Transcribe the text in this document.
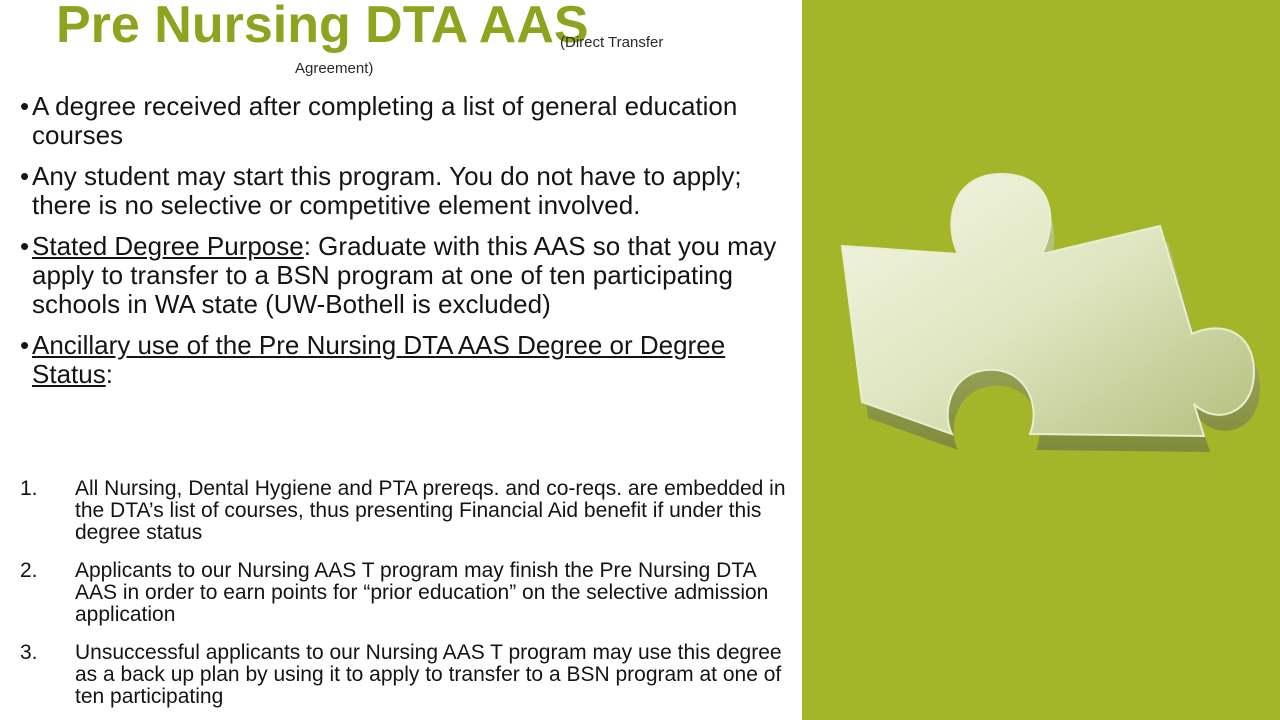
Pre Nursing DTA AAS
(Direct Transfer
Agreement)
• A degree received after completing a list of general education courses
• Any student may start this program. You do not have to apply; there is no selective or competitive element involved.
• Stated Degree Purpose: Graduate with this AAS so that you may apply to transfer to a BSN program at one of ten participating schools in WA state (UW-Bothell is excluded)
• Ancillary use of the Pre Nursing DTA AAS Degree or Degree Status:
1. All Nursing, Dental Hygiene and PTA prereqs. and co-reqs. are embedded in the DTA’s list of courses, thus presenting Financial Aid benefit if under this degree status
2. Applicants to our Nursing AAS T program may finish the Pre Nursing DTA AAS in order to earn points for “prior education” on the selective admission application
3. Unsuccessful applicants to our Nursing AAS T program may use this degree as a back up plan by using it to apply to transfer to a BSN program at one of ten participating
